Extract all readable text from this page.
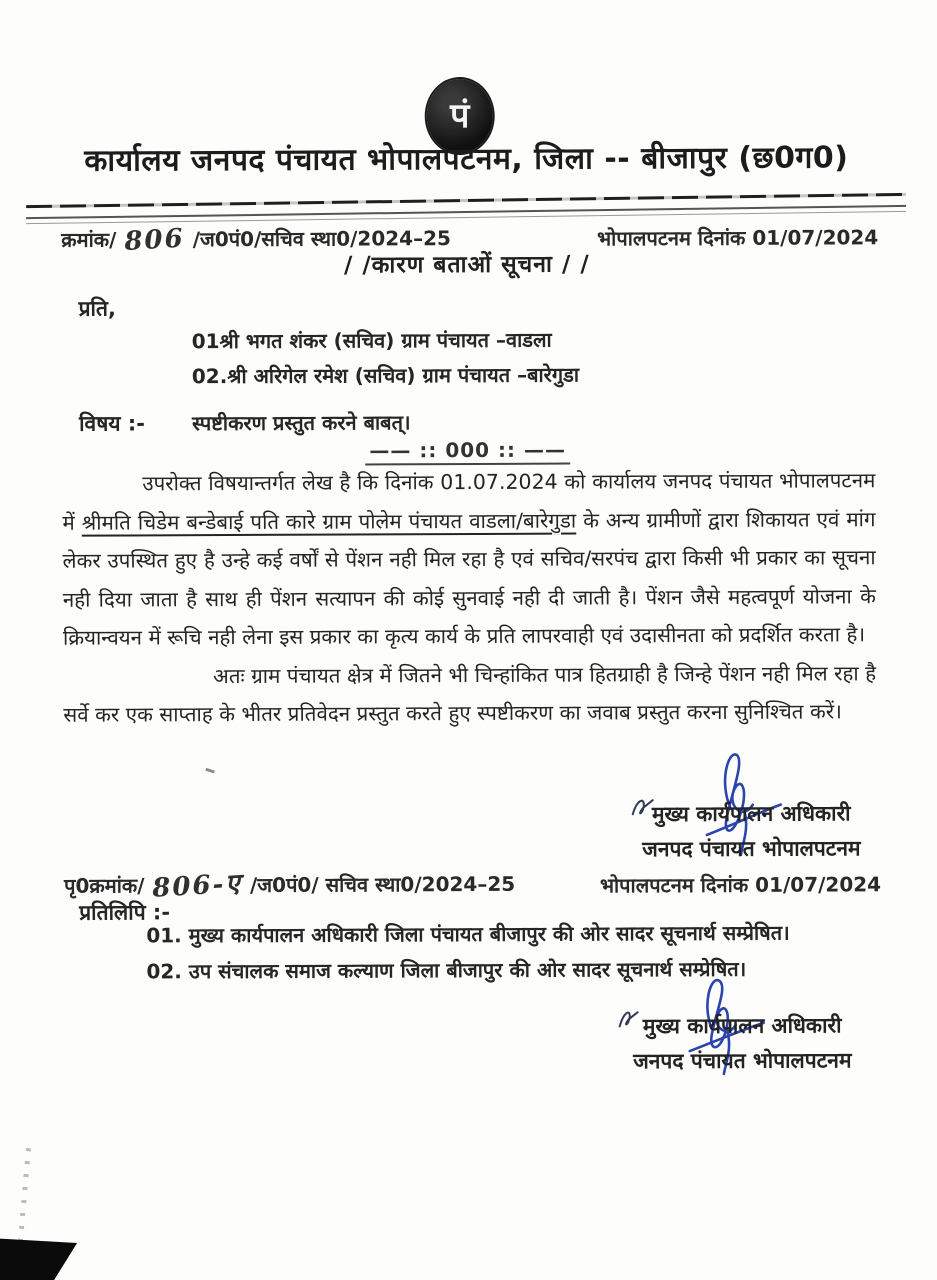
पं
कार्यालय जनपद पंचायत भोपालपटनम, जिला -- बीजापुर (छ0ग0)
क्रमांक/ 806 /ज0पं0/सचिव स्था0/2024–25	भोपालपटनम दिनांक 01/07/2024
/ /कारण बताओं सूचना / /
प्रति,
01श्री भगत शंकर (सचिव) ग्राम पंचायत –वाडला
02.श्री अरिगेल रमेश (सचिव) ग्राम पंचायत –बारेगुडा
विषय :- स्पष्टीकरण प्रस्तुत करने बाबत्।
—— :: 000 :: ——

उपरोक्त विषयान्तर्गत लेख है कि दिनांक 01.07.2024 को कार्यालय जनपद पंचायत भोपालपटनम में श्रीमति चिडेम बन्डेबाई पति कारे ग्राम पोलेम पंचायत वाडला/बारेगुडा के अन्य ग्रामीणों द्वारा शिकायत एवं मांग लेकर उपस्थित हुए है उन्हे कई वर्षों से पेंशन नही मिल रहा है एवं सचिव/सरपंच द्वारा किसी भी प्रकार का सूचना नही दिया जाता है साथ ही पेंशन सत्यापन की कोई सुनवाई नही दी जाती है। पेंशन जैसे महत्वपूर्ण योजना के क्रियान्वयन में रूचि नही लेना इस प्रकार का कृत्य कार्य के प्रति लापरवाही एवं उदासीनता को प्रदर्शित करता है।

अतः ग्राम पंचायत क्षेत्र में जितने भी चिन्हांकित पात्र हितग्राही है जिन्हे पेंशन नही मिल रहा है सर्वे कर एक साप्ताह के भीतर प्रतिवेदन प्रस्तुत करते हुए स्पष्टीकरण का जवाब प्रस्तुत करना सुनिश्चित करें।

मुख्य कार्यपालन अधिकारी
जनपद पंचायत भोपालपटनम
पृ0क्रमांक/ 806-ए /ज0पं0/ सचिव स्था0/2024–25	भोपालपटनम दिनांक 01/07/2024
प्रतिलिपि :-
01. मुख्य कार्यपालन अधिकारी जिला पंचायत बीजापुर की ओर सादर सूचनार्थ सम्प्रेषित।
02. उप संचालक समाज कल्याण जिला बीजापुर की ओर सादर सूचनार्थ सम्प्रेषित।
मुख्य कार्यपालन अधिकारी
जनपद पंचायत भोपालपटनम
